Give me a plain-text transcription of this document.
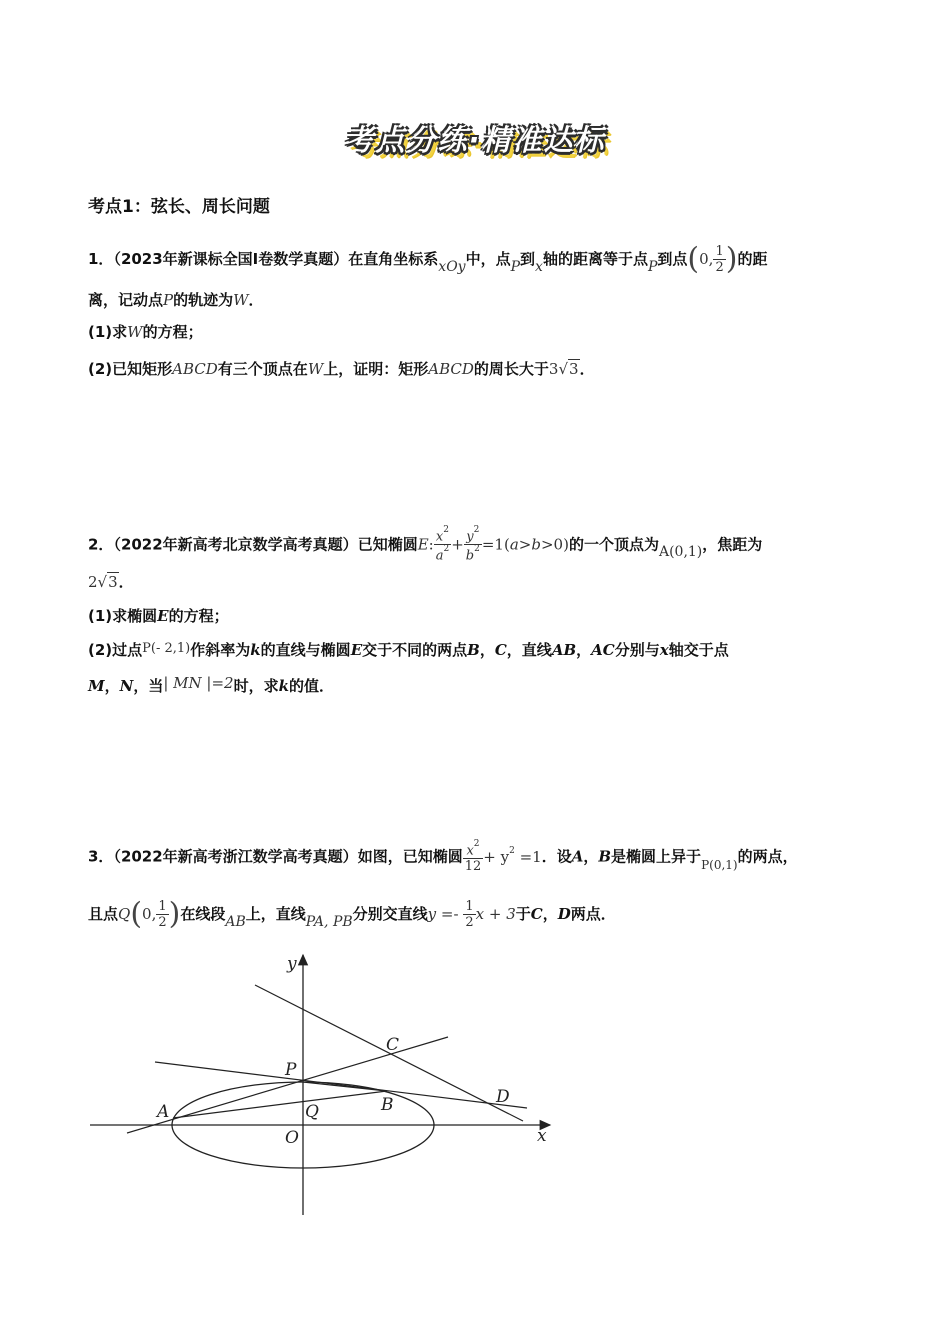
考点分练·精准达标
考点1：弦长、周长问题
1．（2023年新课标全国Ⅰ卷数学真题）在直角坐标系xOy中，点P到x轴的距离等于点P到点(0, $\frac{1}{2}$ )的距
离，记动点P的轨迹为W．
(1)求W的方程；
(2)已知矩形ABCD有三个顶点在W上，证明：矩形ABCD的周长大于3√3．
2．（2022年新高考北京数学高考真题）已知椭圆E: $\frac{x^2}{a^2} + \frac{y^2}{b^2} =1(a>b>0)$的一个顶点为A(0,1)，焦距为
2√3．
(1)求椭圆E的方程；
(2)过点P(- 2,1)作斜率为k的直线与椭圆E交于不同的两点B，C，直线AB，AC分别与x轴交于点
M，N，当| MN |=2时，求k的值．
3．（2022年新高考浙江数学高考真题）如图，已知椭圆 $\frac{x^2}{12} + y^2 =1$．设A，B是椭圆上异于$_{P(0,1)}$的两点，
且点Q(0, $\frac{1}{2}$ )在线段AB上，直线PA, PB分别交直线$y =- \frac{1}{2}$ x + 3于C，D两点．
y
x
O
P
Q
A	B
C
D
